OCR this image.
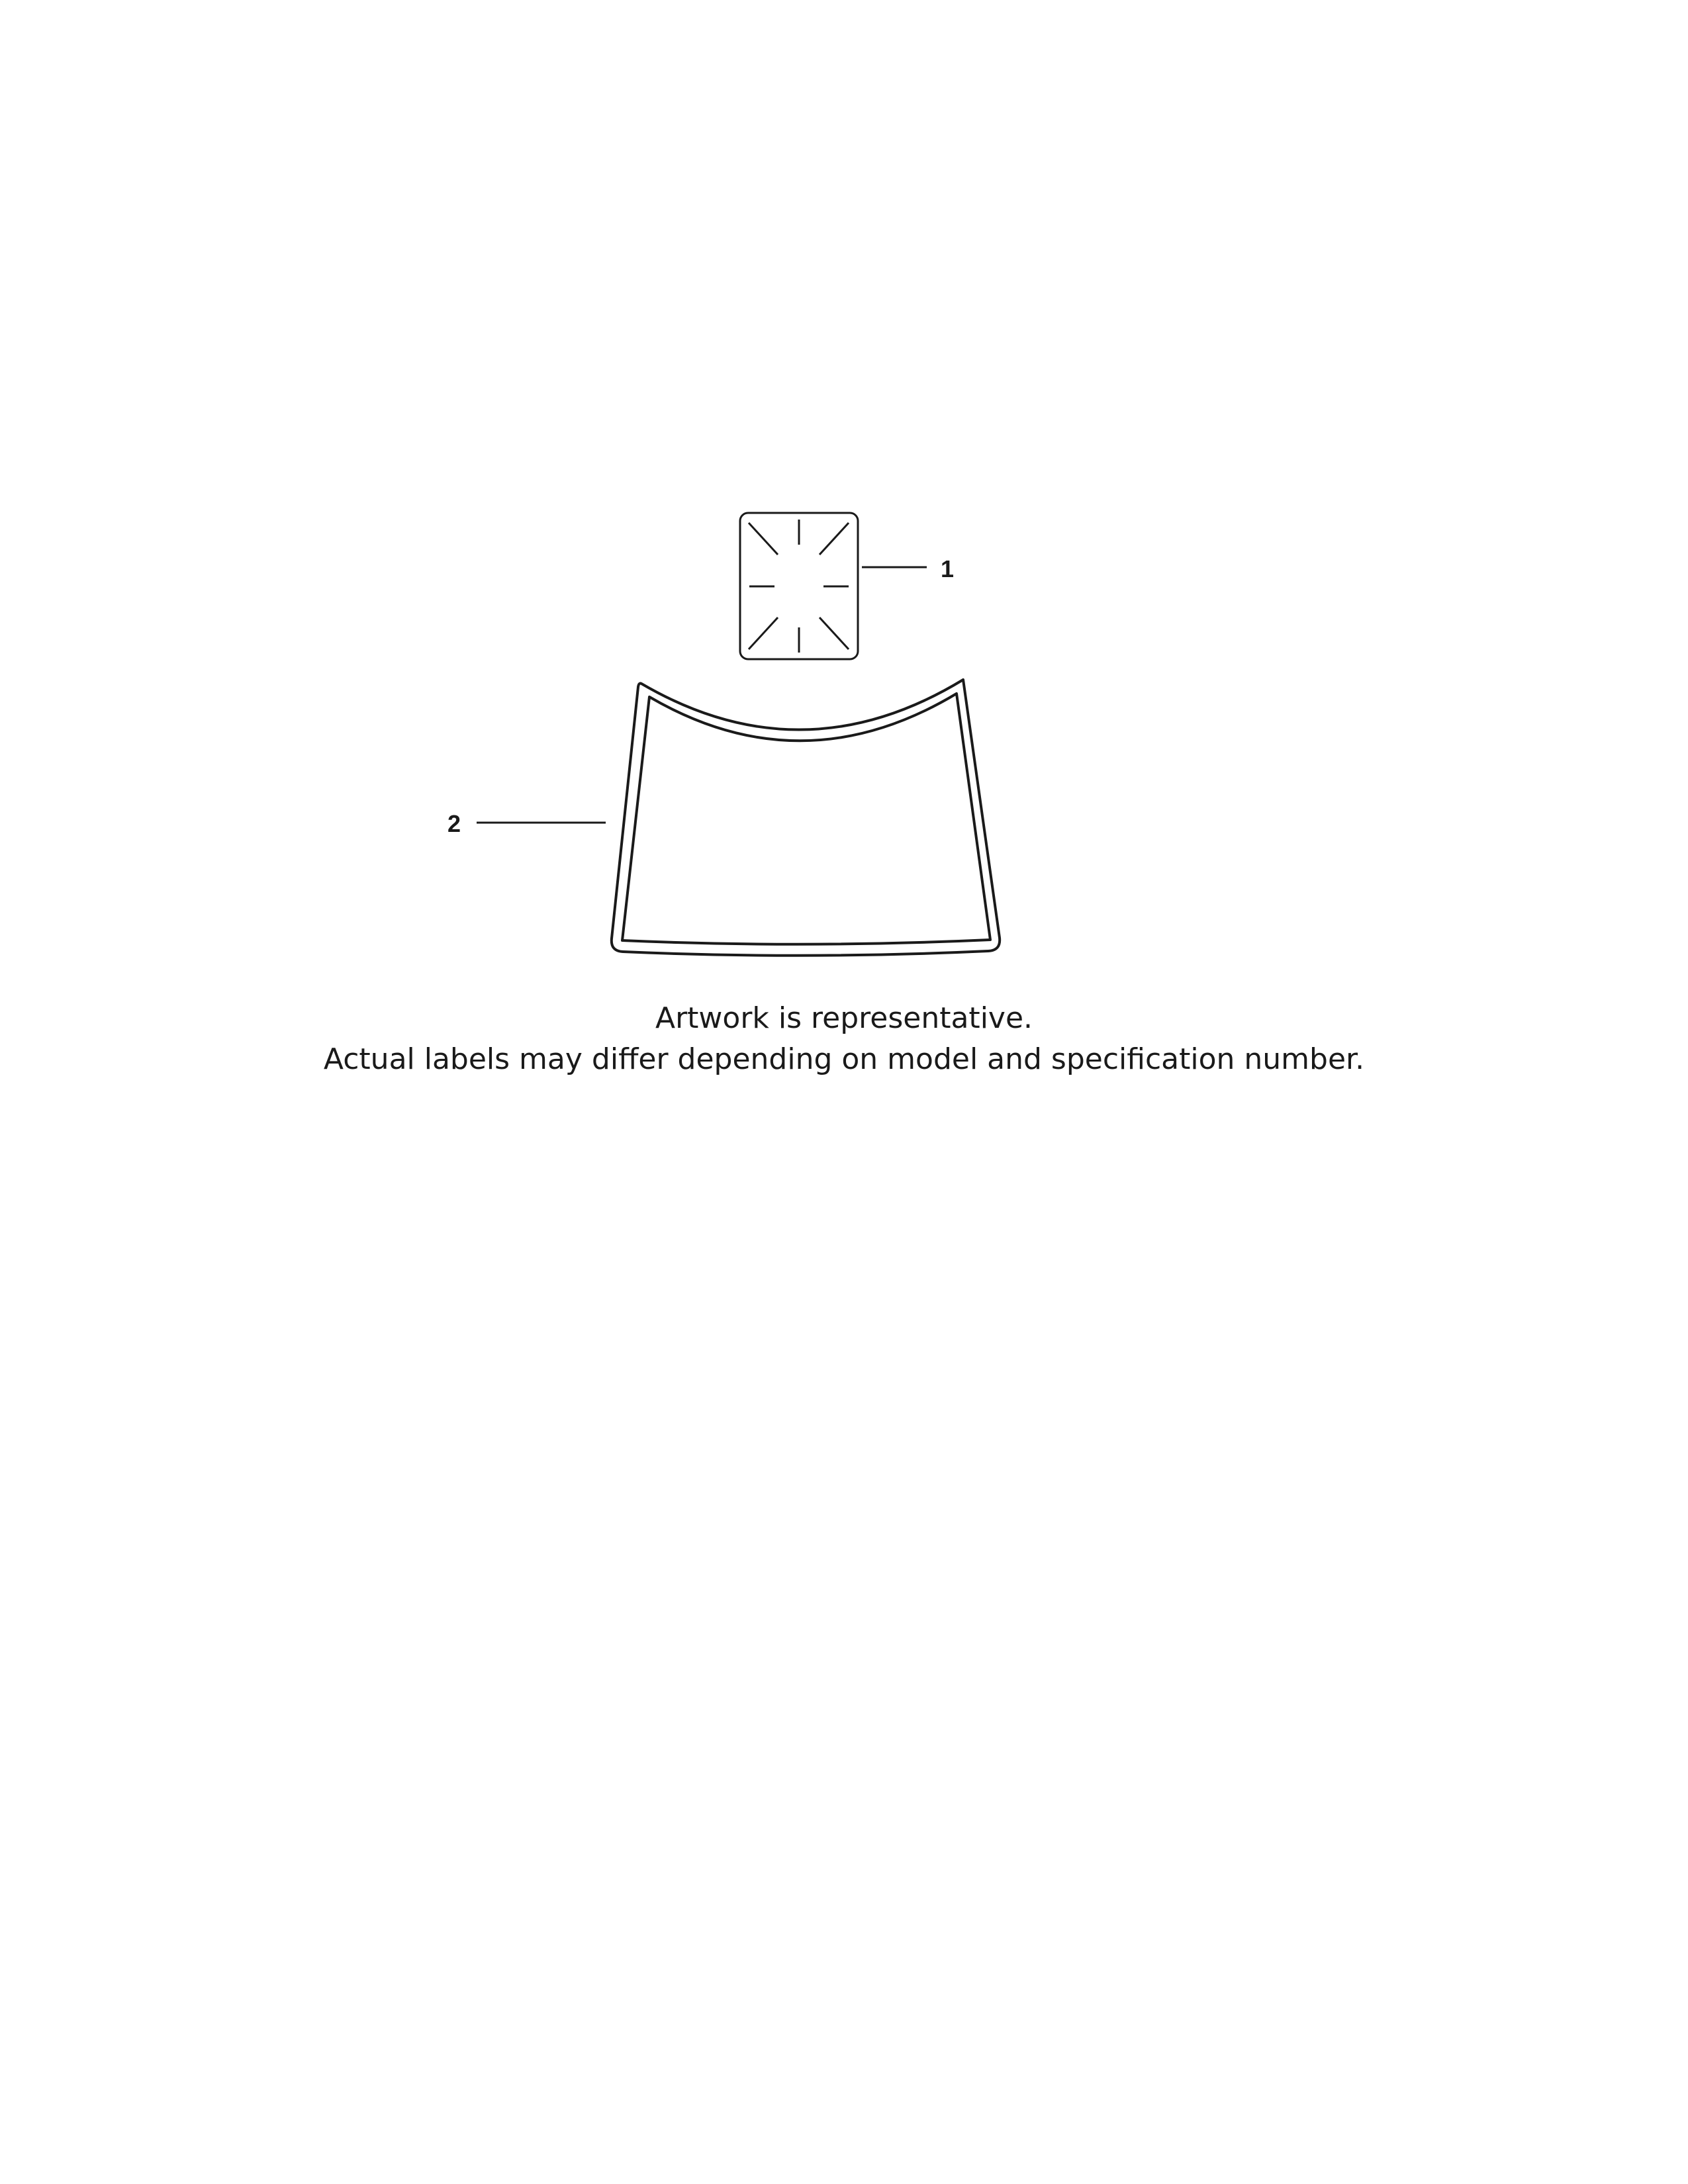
1
2
Artwork is representative.
Actual labels may differ depending on model and specification number.
